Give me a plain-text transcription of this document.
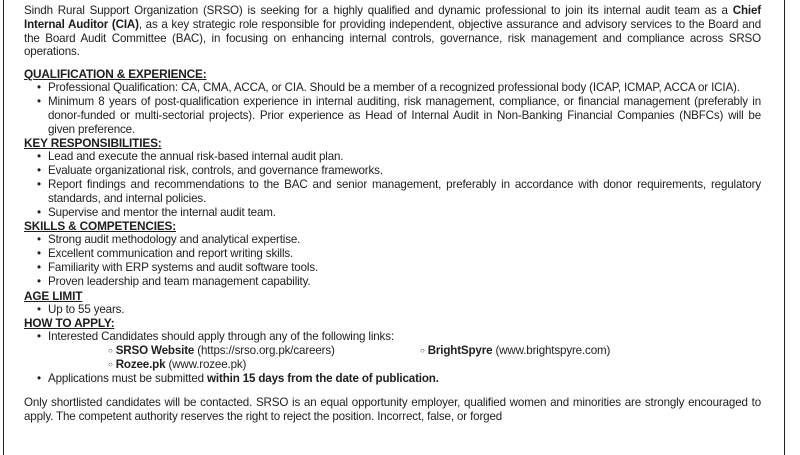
Sindh Rural Support Organization (SRSO) is seeking for a highly qualified and dynamic professional to join its internal audit team as a Chief Internal Auditor (CIA), as a key strategic role responsible for providing independent, objective assurance and advisory services to the Board and the Board Audit Committee (BAC), in focusing on enhancing internal controls, governance, risk management and compliance across SRSO operations.

QUALIFICATION & EXPERIENCE:
• Professional Qualification: CA, CMA, ACCA, or CIA. Should be a member of a recognized professional body (ICAP, ICMAP, ACCA or ICIA).
• Minimum 8 years of post-qualification experience in internal auditing, risk management, compliance, or financial management (preferably in donor-funded or multi-sectorial projects). Prior experience as Head of Internal Audit in Non-Banking Financial Companies (NBFCs) will be given preference.
KEY RESPONSIBILITIES:
• Lead and execute the annual risk-based internal audit plan.
• Evaluate organizational risk, controls, and governance frameworks.
• Report findings and recommendations to the BAC and senior management, preferably in accordance with donor requirements, regulatory standards, and internal policies.
• Supervise and mentor the internal audit team.
SKILLS & COMPETENCIES:
• Strong audit methodology and analytical expertise.
• Excellent communication and report writing skills.
• Familiarity with ERP systems and audit software tools.
• Proven leadership and team management capability.
AGE LIMIT
• Up to 55 years.
HOW TO APPLY:
• Interested Candidates should apply through any of the following links:
○ SRSO Website (https://srso.org.pk/careers)	○ BrightSpyre (www.brightspyre.com)
○ Rozee.pk (www.rozee.pk)
• Applications must be submitted within 15 days from the date of publication.

Only shortlisted candidates will be contacted. SRSO is an equal opportunity employer, qualified women and minorities are strongly encouraged to apply. The competent authority reserves the right to reject the position. Incorrect, false, or forged
